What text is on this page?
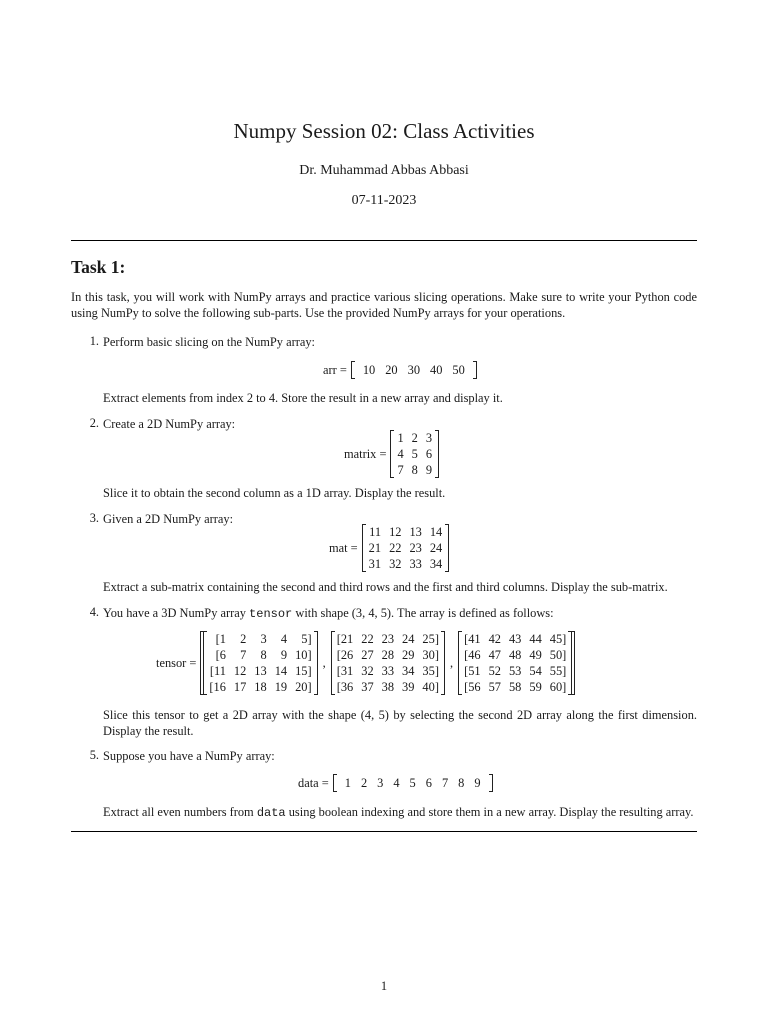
Numpy Session 02: Class Activities
Dr. Muhammad Abbas Abbasi
07-11-2023
Task 1:
In this task, you will work with NumPy arrays and practice various slicing operations. Make sure to write your Python code using NumPy to solve the following sub-parts. Use the provided NumPy arrays for your operations.
1. Perform basic slicing on the NumPy array:
arr = 10 20 30 40 50
Extract elements from index 2 to 4. Store the result in a new array and display it.
2. Create a 2D NumPy array:
matrix =
1	2	3
4	5	6
7	8	9
Slice it to obtain the second column as a 1D array. Display the result.
3. Given a 2D NumPy array:
mat =
11	12	13	14
21	22	23	24
31	32	33	34
Extract a sub-matrix containing the second and third rows and the first and third columns. Display the sub-matrix.
4. You have a 3D NumPy array tensor with shape (3, 4, 5). The array is defined as follows:
tensor =
[1	2	3	4	5]
[6	7	8	9	10]
[11	12	13	14	15]
[16	17	18	19	20]
,
[21	22	23	24	25]
[26	27	28	29	30]
[31	32	33	34	35]
[36	37	38	39	40]
,
[41	42	43	44	45]
[46	47	48	49	50]
[51	52	53	54	55]
[56	57	58	59	60]
Slice this tensor to get a 2D array with the shape (4, 5) by selecting the second 2D array along the first dimension. Display the result.
5. Suppose you have a NumPy array:
data = 1 2 3 4 5 6 7 8 9
Extract all even numbers from data using boolean indexing and store them in a new array. Display the resulting array.
1
